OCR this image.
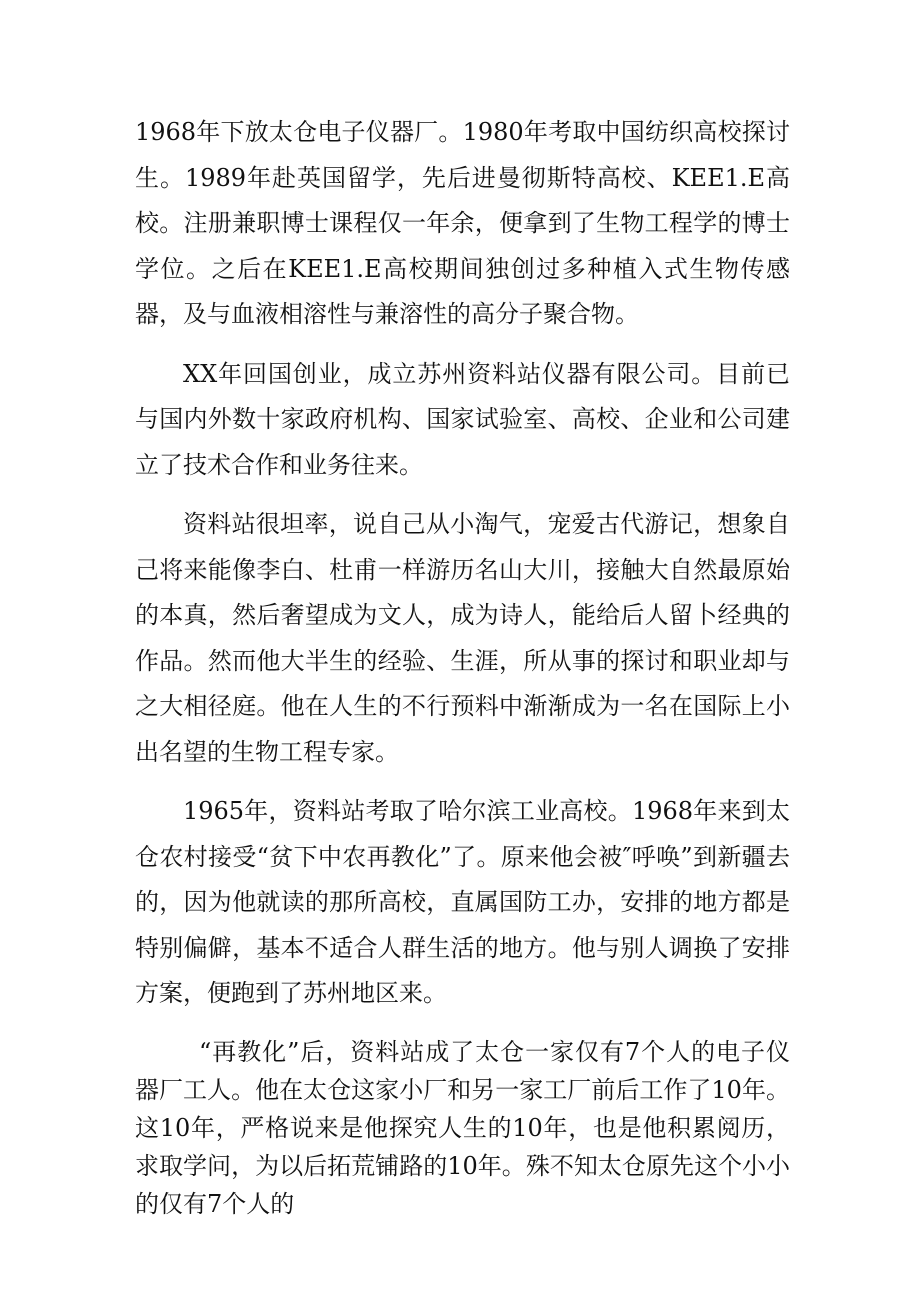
1968年下放太仓电子仪器厂。1980年考取中国纺织高校探讨生。1989年赴英国留学，先后进曼彻斯特高校、KEE1.E高校。注册兼职博士课程仅一年余，便拿到了生物工程学的博士学位。之后在KEE1.E高校期间独创过多种植入式生物传感器，及与血液相溶性与兼溶性的高分子聚合物。

XX年回国创业，成立苏州资料站仪器有限公司。目前已与国内外数十家政府机构、国家试验室、高校、企业和公司建立了技术合作和业务往来。

资料站很坦率，说自己从小淘气，宠爱古代游记，想象自己将来能像李白、杜甫一样游历名山大川，接触大自然最原始的本真，然后奢望成为文人，成为诗人，能给后人留卜经典的作品。然而他大半生的经验、生涯，所从事的探讨和职业却与之大相径庭。他在人生的不行预料中渐渐成为一名在国际上小出名望的生物工程专家。

1965年，资料站考取了哈尔滨工业高校。1968年来到太仓农村接受“贫下中农再教化”了。原来他会被″呼唤”到新疆去的，因为他就读的那所高校，直属国防工办，安排的地方都是特别偏僻，基本不适合人群生活的地方。他与别人调换了安排方案，便跑到了苏州地区来。

“再教化”后，资料站成了太仓一家仅有7个人的电子仪器厂工人。他在太仓这家小厂和另一家工厂前后工作了10年。这10年，严格说来是他探究人生的10年，也是他积累阅历，求取学问，为以后拓荒铺路的10年。殊不知太仓原先这个小小的仅有7个人的
